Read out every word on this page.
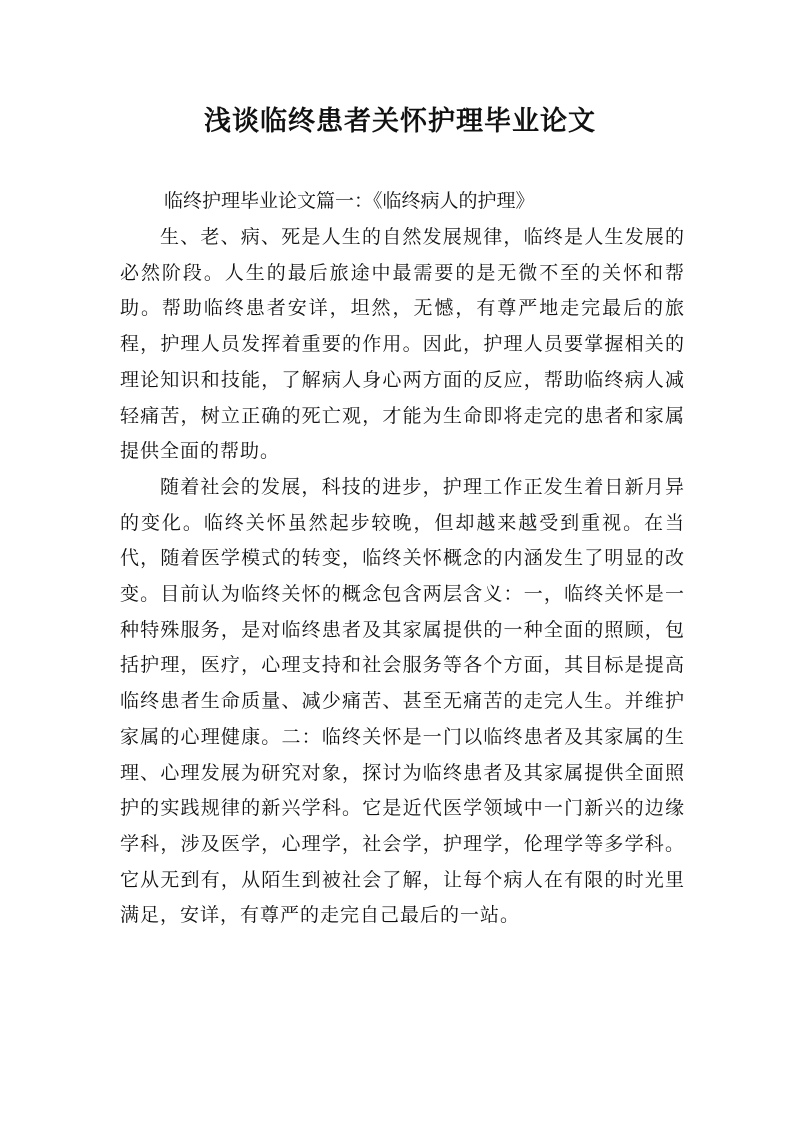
浅谈临终患者关怀护理毕业论文

临终护理毕业论文篇一：《临终病人的护理》

生、老、病、死是人生的自然发展规律，临终是人生发展的必然阶段。人生的最后旅途中最需要的是无微不至的关怀和帮助。帮助临终患者安详，坦然，无憾，有尊严地走完最后的旅程，护理人员发挥着重要的作用。因此，护理人员要掌握相关的理论知识和技能，了解病人身心两方面的反应，帮助临终病人减轻痛苦，树立正确的死亡观，才能为生命即将走完的患者和家属提供全面的帮助。

随着社会的发展，科技的进步，护理工作正发生着日新月异的变化。临终关怀虽然起步较晚，但却越来越受到重视。在当代，随着医学模式的转变，临终关怀概念的内涵发生了明显的改变。目前认为临终关怀的概念包含两层含义：一，临终关怀是一种特殊服务，是对临终患者及其家属提供的一种全面的照顾，包括护理，医疗，心理支持和社会服务等各个方面，其目标是提高临终患者生命质量、减少痛苦、甚至无痛苦的走完人生。并维护家属的心理健康。二：临终关怀是一门以临终患者及其家属的生理、心理发展为研究对象，探讨为临终患者及其家属提供全面照护的实践规律的新兴学科。它是近代医学领域中一门新兴的边缘学科，涉及医学，心理学，社会学，护理学，伦理学等多学科。它从无到有，从陌生到被社会了解，让每个病人在有限的时光里满足，安详，有尊严的走完自己最后的一站。
